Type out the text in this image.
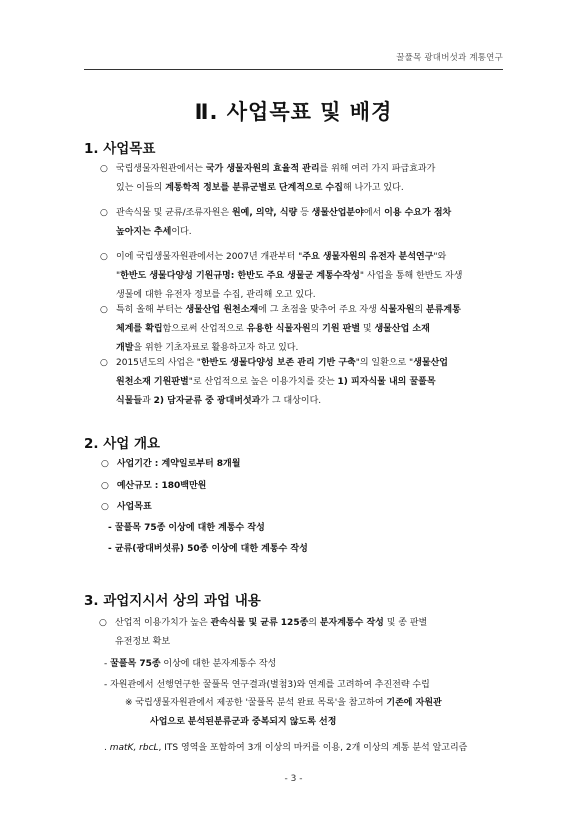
꿀풀목 광대버섯과 계통연구
Ⅱ. 사업목표 및 배경
1. 사업목표
○ 국립생물자원관에서는 국가 생물자원의 효율적 관리를 위해 여러 가지 파급효과가
있는 이들의 계통학적 정보를 분류군별로 단계적으로 수집해 나가고 있다.
○ 관속식물 및 균류/조류자원은 원예, 의약, 식량 등 생물산업분야에서 이용 수요가 점차
높아지는 추세이다.
○ 이에 국립생물자원관에서는 2007년 개관부터 "주요 생물자원의 유전자 분석연구"와
"한반도 생물다양성 기원규명: 한반도 주요 생물군 계통수작성" 사업을 통해 한반도 자생
생물에 대한 유전자 정보를 수집, 관리해 오고 있다.
○ 특히 올해 부터는 생물산업 원천소재에 그 초점을 맞추어 주요 자생 식물자원의 분류계통
체계를 확립함으로써 산업적으로 유용한 식물자원의 기원 판별 및 생물산업 소재
개발을 위한 기초자료로 활용하고자 하고 있다.
○ 2015년도의 사업은 "한반도 생물다양성 보존 관리 기반 구축"의 일환으로 "생물산업
원천소재 기원판별"로 산업적으로 높은 이용가치를 갖는 1) 피자식물 내의 꿀풀목
식물들과 2) 담자균류 중 광대버섯과가 그 대상이다.
2. 사업 개요
○ 사업기간 : 계약일로부터 8개월
○ 예산규모 : 180백만원
○ 사업목표
- 꿀풀목 75종 이상에 대한 계통수 작성
- 균류(광대버섯류) 50종 이상에 대한 계통수 작성
3. 과업지시서 상의 과업 내용
○ 산업적 이용가치가 높은 관속식물 및 균류 125종의 분자계통수 작성 및 종 판별
유전정보 확보
- 꿀풀목 75종 이상에 대한 분자계통수 작성
- 자원관에서 선행연구한 꿀풀목 연구결과(별첨3)와 연계를 고려하여 추진전략 수립
※ 국립생물자원관에서 제공한 '꿀풀목 분석 완료 목록'을 참고하여 기존에 자원관
사업으로 분석된분류군과 중복되지 않도록 선정
. matK, rbcL, ITS 영역을 포함하여 3개 이상의 마커를 이용, 2개 이상의 계통 분석 알고리즘
- 3 -
